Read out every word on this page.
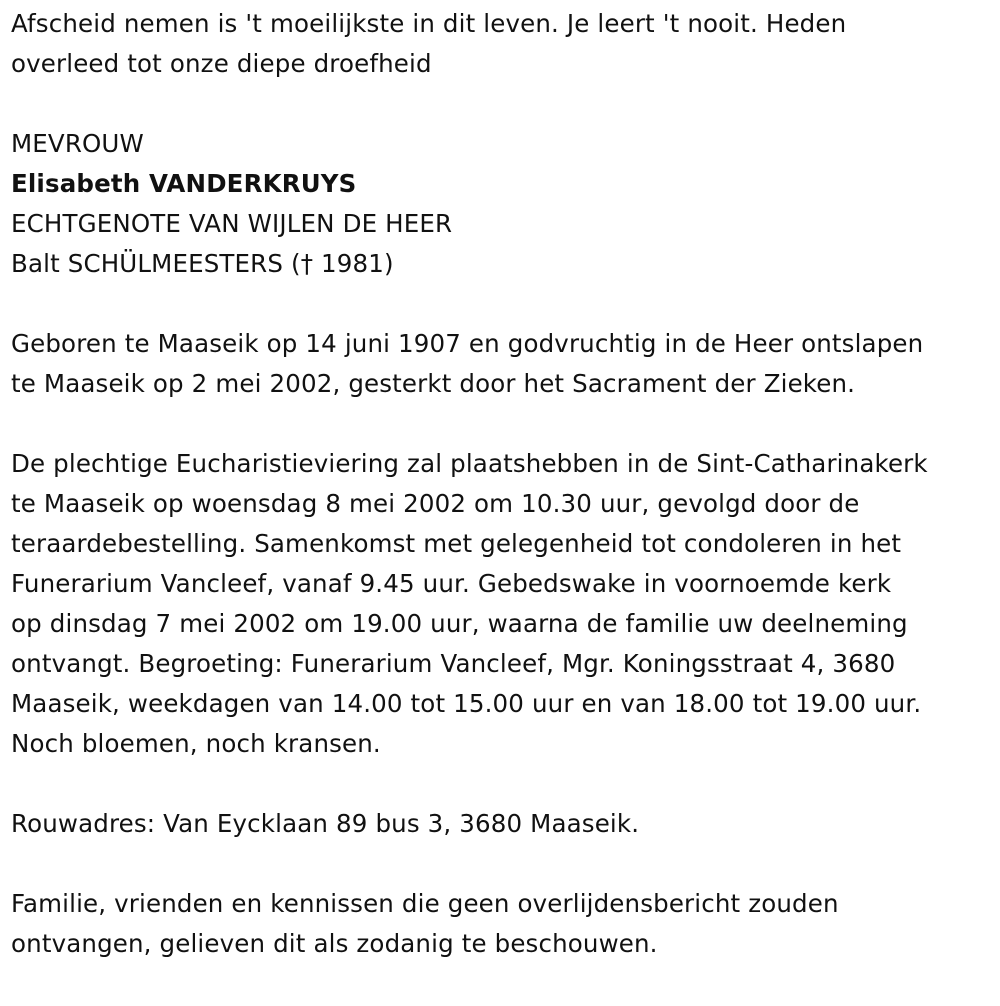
Afscheid nemen is 't moeilijkste in dit leven. Je leert 't nooit. Heden

overleed tot onze diepe droefheid

MEVROUW

Elisabeth VANDERKRUYS

ECHTGENOTE VAN WIJLEN DE HEER

Balt SCHÜLMEESTERS († 1981)

Geboren te Maaseik op 14 juni 1907 en godvruchtig in de Heer ontslapen

te Maaseik op 2 mei 2002, gesterkt door het Sacrament der Zieken.

De plechtige Eucharistieviering zal plaatshebben in de Sint-Catharinakerk

te Maaseik op woensdag 8 mei 2002 om 10.30 uur, gevolgd door de

teraardebestelling. Samenkomst met gelegenheid tot condoleren in het

Funerarium Vancleef, vanaf 9.45 uur. Gebedswake in voornoemde kerk

op dinsdag 7 mei 2002 om 19.00 uur, waarna de familie uw deelneming

ontvangt. Begroeting: Funerarium Vancleef, Mgr. Koningsstraat 4, 3680

Maaseik, weekdagen van 14.00 tot 15.00 uur en van 18.00 tot 19.00 uur.

Noch bloemen, noch kransen.

Rouwadres: Van Eycklaan 89 bus 3, 3680 Maaseik.

Familie, vrienden en kennissen die geen overlijdensbericht zouden

ontvangen, gelieven dit als zodanig te beschouwen.
